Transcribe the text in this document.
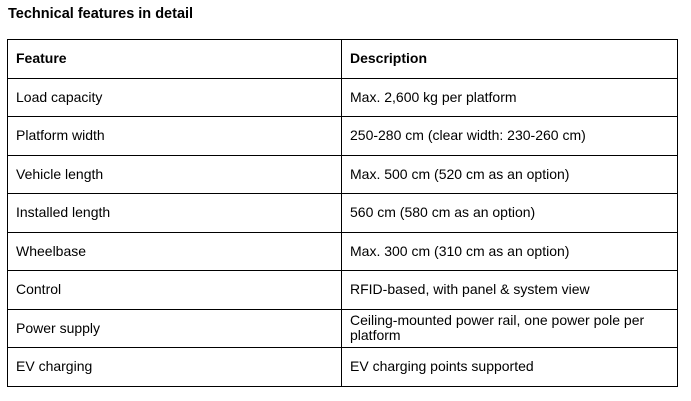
Technical features in detail
Feature	Description
Load capacity	Max. 2,600 kg per platform
Platform width	250-280 cm (clear width: 230-260 cm)
Vehicle length	Max. 500 cm (520 cm as an option)
Installed length	560 cm (580 cm as an option)
Wheelbase	Max. 300 cm (310 cm as an option)
Control	RFID-based, with panel & system view
Power supply	Ceiling-mounted power rail, one power pole per platform
EV charging	EV charging points supported
